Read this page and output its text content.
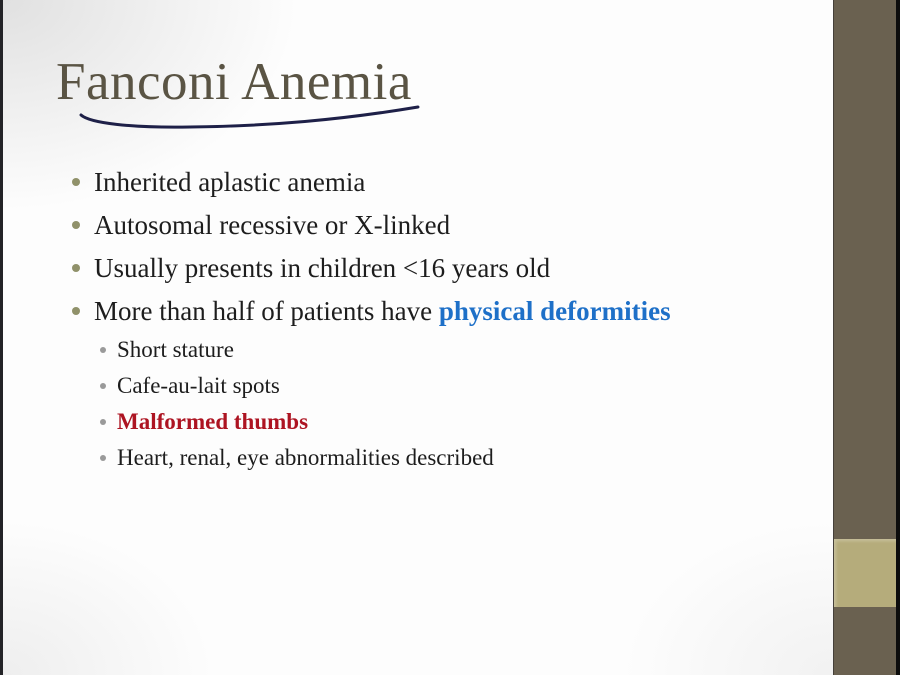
Fanconi Anemia
Inherited aplastic anemia
Autosomal recessive or X-linked
Usually presents in children <16 years old
More than half of patients have physical deformities
Short stature
Cafe-au-lait spots
Malformed thumbs
Heart, renal, eye abnormalities described
